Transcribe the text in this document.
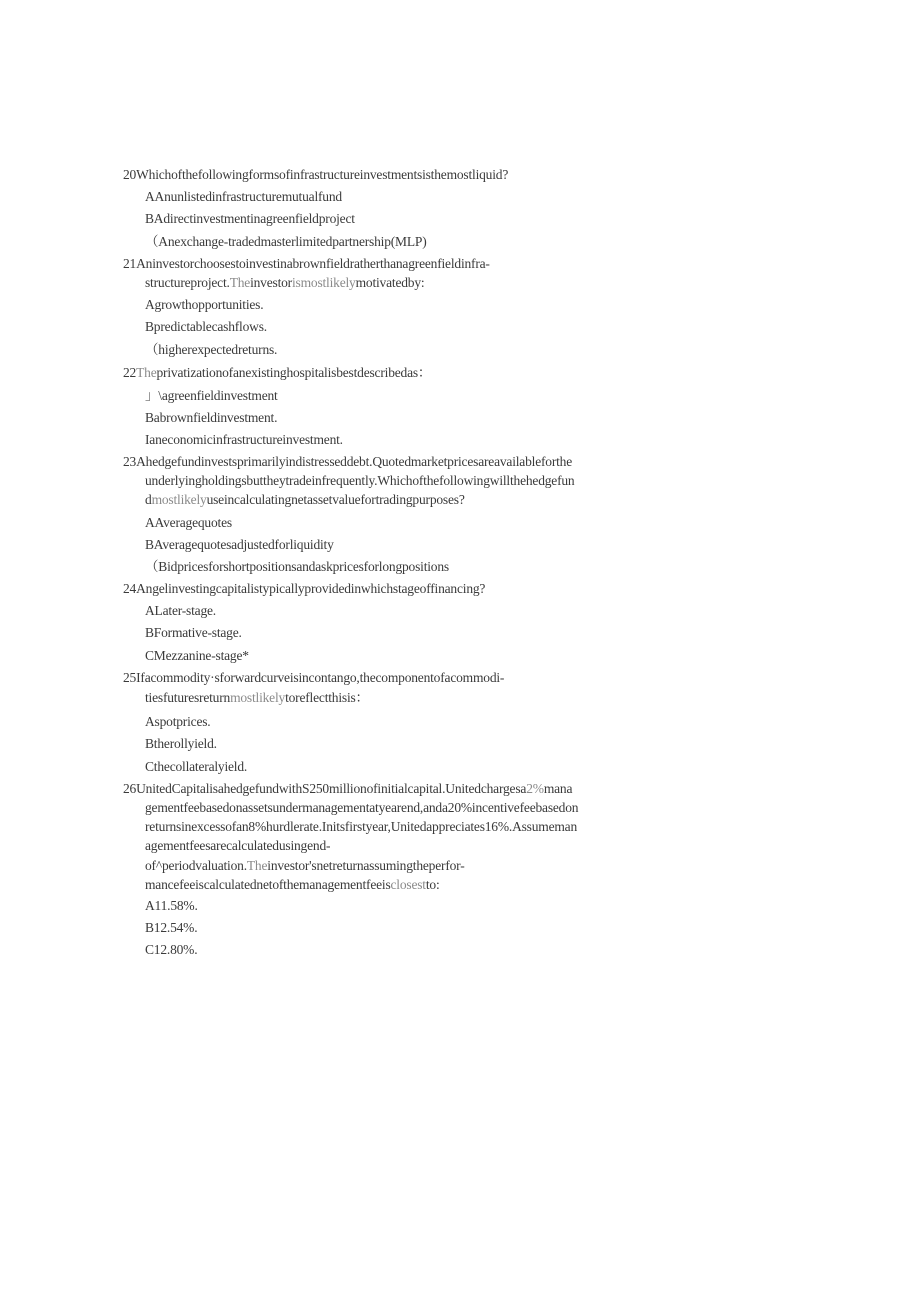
20Whichofthefollowingformsofinfrastructureinvestmentsisthemostliquid?
AAnunlistedinfrastructuremutualfund
BAdirectinvestmentinagreenfieldproject
（Anexchange-tradedmasterlimitedpartnership(MLP)
21Aninvestorchoosestoinvestinabrownfieldratherthanagreenfieldinfra-
structureproject.Theinvestorismostlikelymotivatedby:
Agrowthopportunities.
Bpredictablecashflows.
（higherexpectedreturns.
22Theprivatizationofanexistinghospitalisbestdescribedas：
」\agreenfieldinvestment
Babrownfieldinvestment.
Ianeconomicinfrastructureinvestment.
23Ahedgefundinvestsprimarilyindistresseddebt.Quotedmarketpricesareavailableforthe
underlyingholdingsbuttheytradeinfrequently.Whichofthefollowingwillthehedgefun
dmostlikelyuseincalculatingnetassetvaluefortradingpurposes?
AAveragequotes
BAveragequotesadjustedforliquidity
（Bidpricesforshortpositionsandaskpricesforlongpositions
24Angelinvestingcapitalistypicallyprovidedinwhichstageoffinancing?
ALater-stage.
BFormative-stage.
CMezzanine-stage*
25Ifacommodity·sforwardcurveisincontango,thecomponentofacommodi-
tiesfuturesreturnmostlikelytoreflectthisis：
Aspotprices.
Btherollyield.
Cthecollateralyield.
26UnitedCapitalisahedgefundwithS250millionofinitialcapital.Unitedchargesa2%mana
gementfeebasedonassetsundermanagementatyearend,anda20%incentivefeebasedon
returnsinexcessofan8%hurdlerate.Initsfirstyear,Unitedappreciates16%.Assumeman
agementfeesarecalculatedusingend-
of^periodvaluation.Theinvestor'snetreturnassumingtheperfor-
mancefeeiscalculatednetofthemanagementfeeisclosestto:
A11.58%.
B12.54%.
C12.80%.
